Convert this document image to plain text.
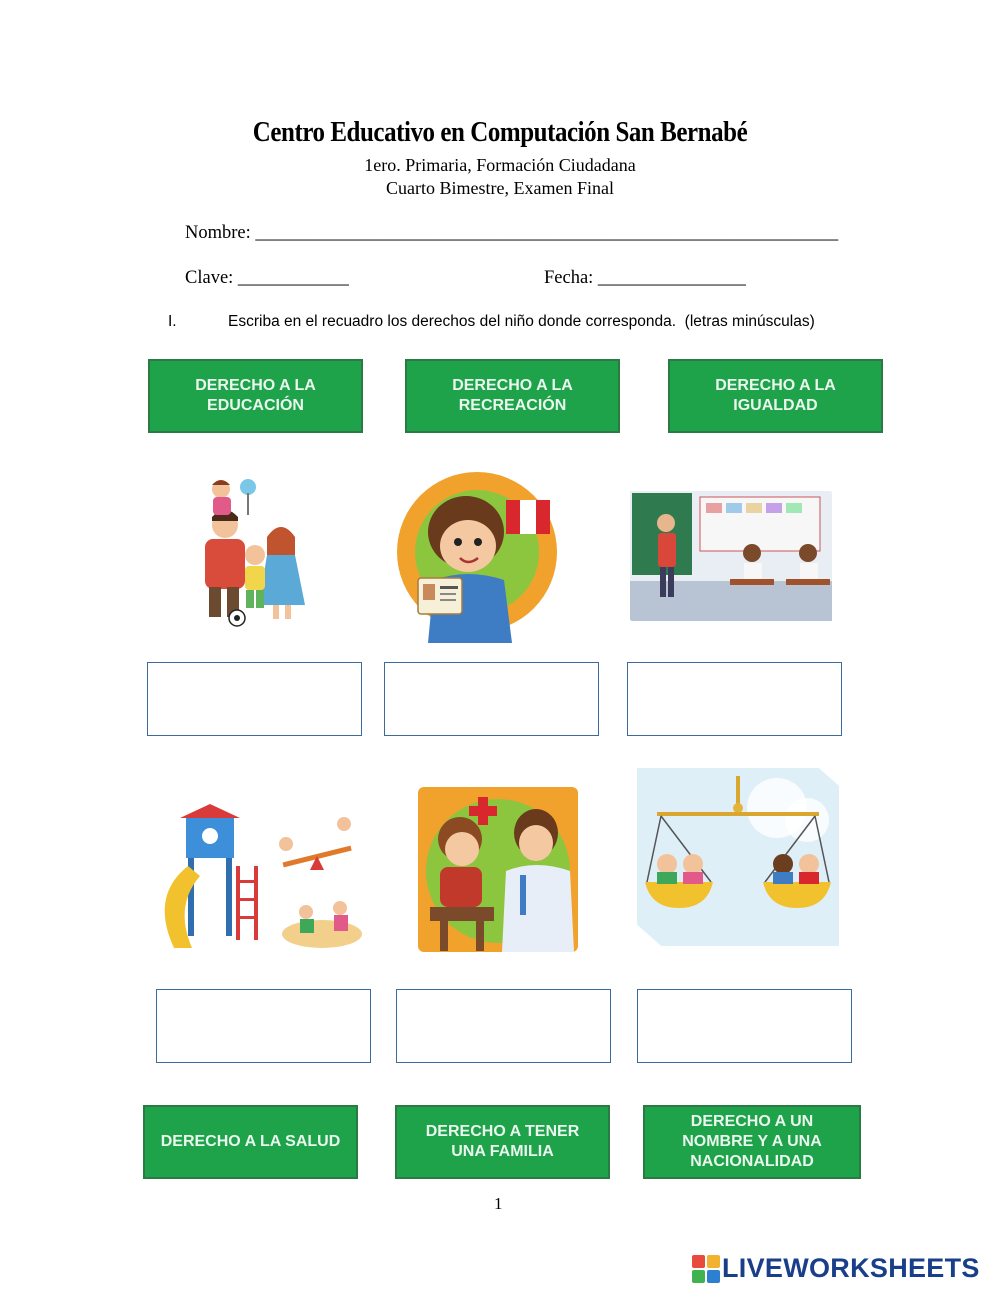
Centro Educativo en Computación San Bernabé
1ero. Primaria, Formación Ciudadana
Cuarto Bimestre, Examen Final
Nombre: _______________________________________________________________
Clave: ____________	Fecha: ________________
I.	Escriba en el recuadro los derechos del niño donde corresponda.  (letras minúsculas)
DERECHO A LA
EDUCACIÓN
DERECHO A LA
RECREACIÓN
DERECHO A LA
IGUALDAD
DERECHO A LA SALUD
DERECHO A TENER
UNA FAMILIA
DERECHO A UN
NOMBRE Y A UNA
NACIONALIDAD
1
LIVEWORKSHEETS
